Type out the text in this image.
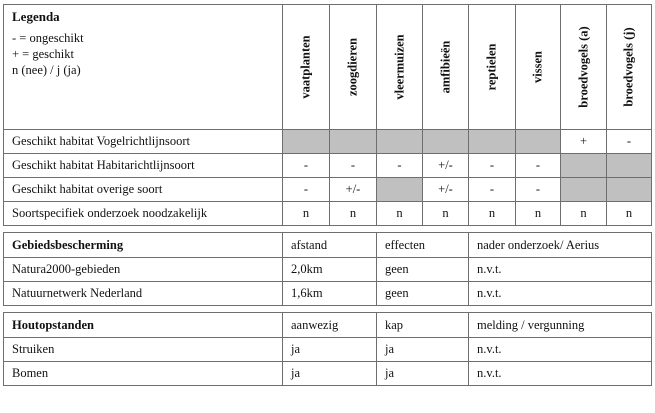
Legenda
- = ongeschikt
+ = geschikt
n (nee) / j (ja)	vaatplanten	zoogdieren	vleermuizen	amfibieën	reptielen	vissen	broedvogels (a)	broedvogels (j)

Geschikt habitat Vogelrichtlijnsoort							+	-
Geschikt habitat Habitarichtlijnsoort	-	-	-	+/-	-	-		
Geschikt habitat overige soort	-	+/-		+/-	-	-		
Soortspecifiek onderzoek noodzakelijk	n	n	n	n	n	n	n	n

Gebiedsbescherming	afstand		effecten		nader onderzoek/ Aerius			
Natura2000-gebieden	2,0km		geen		n.v.t.			
Natuurnetwerk Nederland	1,6km		geen		n.v.t.			

Houtopstanden	aanwezig		kap		melding / vergunning			
Struiken	ja		ja		n.v.t.			
Bomen	ja		ja		n.v.t.			
